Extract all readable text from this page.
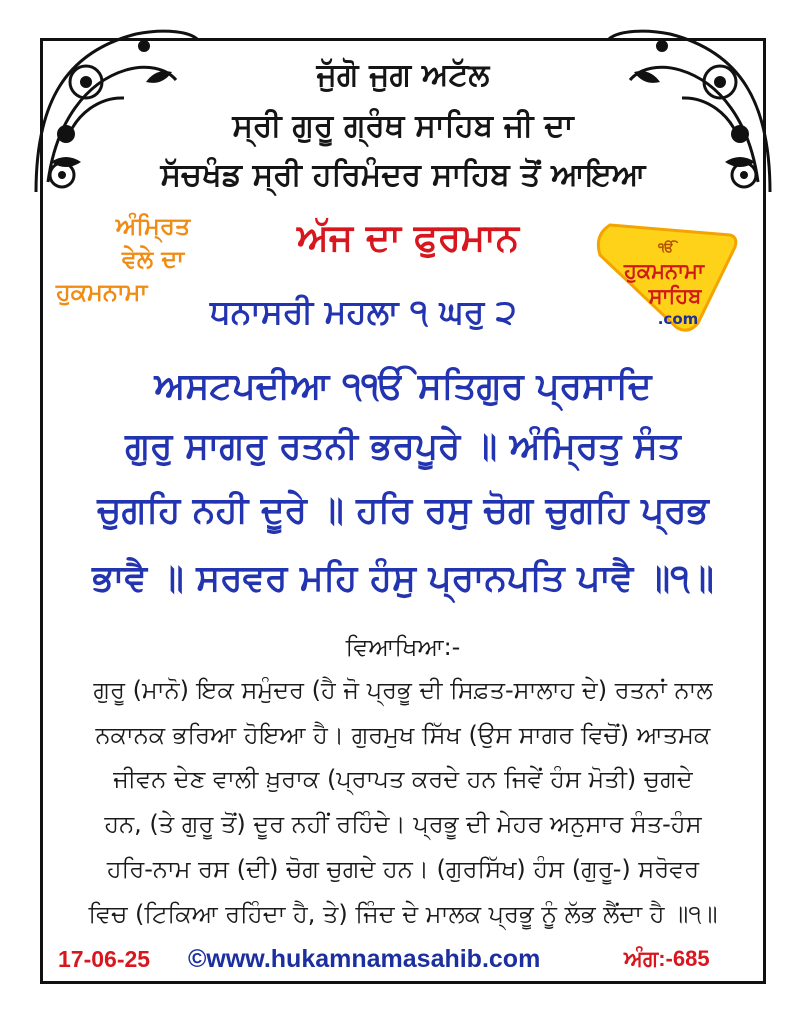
ਜੁੱਗੋ ਜੁਗ ਅਟੱਲ
ਸ੍ਰੀ ਗੁਰੂ ਗ੍ਰੰਥ ਸਾਹਿਬ ਜੀ ਦਾ
ਸੱਚਖੰਡ ਸ੍ਰੀ ਹਰਿਮੰਦਰ ਸਾਹਿਬ ਤੋਂ ਆਇਆ
ਅੰਮ੍ਰਿਤ
ਵੇਲੇ ਦਾ
ਹੁਕਮਨਾਮਾ
ਅੱਜ ਦਾ ਫੁਰਮਾਨ	ੴ
ਹੁਕਮਨਾਮਾ
ਸਾਹਿਬ
.com
ਧਨਾਸਰੀ ਮਹਲਾ ੧ ਘਰੁ ੨
ਅਸਟਪਦੀਆ ੧ੴ ਸਤਿਗੁਰ ਪ੍ਰਸਾਦਿ
ਗੁਰੁ ਸਾਗਰੁ ਰਤਨੀ ਭਰਪੂਰੇ ॥ ਅੰਮ੍ਰਿਤੁ ਸੰਤ
ਚੁਗਹਿ ਨਹੀ ਦੂਰੇ ॥ ਹਰਿ ਰਸੁ ਚੋਗ ਚੁਗਹਿ ਪ੍ਰਭ
ਭਾਵੈ ॥ ਸਰਵਰ ਮਹਿ ਹੰਸੁ ਪ੍ਰਾਨਪਤਿ ਪਾਵੈ ॥੧॥
ਵਿਆਖਿਆ:-
ਗੁਰੂ (ਮਾਨੋ) ਇਕ ਸਮੁੰਦਰ (ਹੈ ਜੋ ਪ੍ਰਭੂ ਦੀ ਸਿਫ਼ਤ-ਸਾਲਾਹ ਦੇ) ਰਤਨਾਂ ਨਾਲ
ਨਕਾਨਕ ਭਰਿਆ ਹੋਇਆ ਹੈ। ਗੁਰਮੁਖ ਸਿੱਖ (ਉਸ ਸਾਗਰ ਵਿਚੋਂ) ਆਤਮਕ
ਜੀਵਨ ਦੇਣ ਵਾਲੀ ਖ਼ੁਰਾਕ (ਪ੍ਰਾਪਤ ਕਰਦੇ ਹਨ ਜਿਵੇਂ ਹੰਸ ਮੋਤੀ) ਚੁਗਦੇ
ਹਨ, (ਤੇ ਗੁਰੂ ਤੋਂ) ਦੂਰ ਨਹੀਂ ਰਹਿੰਦੇ। ਪ੍ਰਭੂ ਦੀ ਮੇਹਰ ਅਨੁਸਾਰ ਸੰਤ-ਹੰਸ
ਹਰਿ-ਨਾਮ ਰਸ (ਦੀ) ਚੋਗ ਚੁਗਦੇ ਹਨ। (ਗੁਰਸਿੱਖ) ਹੰਸ (ਗੁਰੂ-) ਸਰੋਵਰ
ਵਿਚ (ਟਿਕਿਆ ਰਹਿੰਦਾ ਹੈ, ਤੇ) ਜਿੰਦ ਦੇ ਮਾਲਕ ਪ੍ਰਭੂ ਨੂੰ ਲੱਭ ਲੈਂਦਾ ਹੈ ॥੧॥
17-06-25 ©www.hukamnamasahib.com	ਅੰਗ:-685
